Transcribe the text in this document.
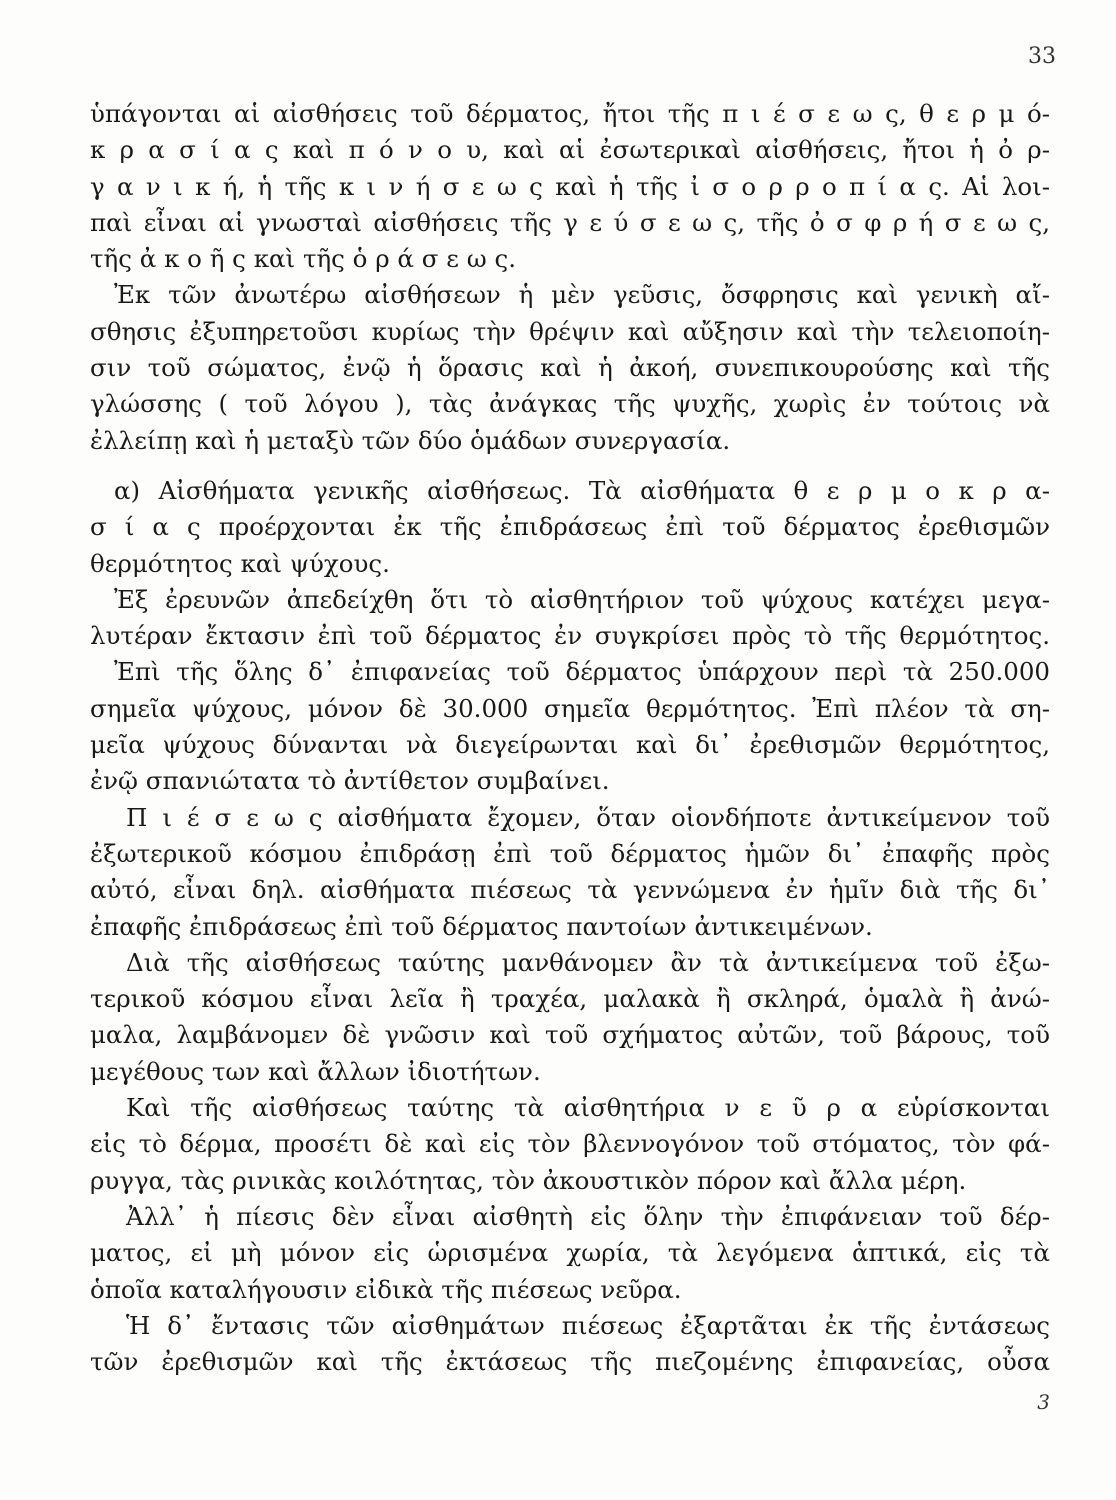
33
ὑπάγονται αἱ αἰσθήσεις τοῦ δέρματος, ἤτοι τῆς π ι έ σ ε ω ς, θ ε ρ μ ό-
κ ρ α σ ί α ς καὶ π ό ν ο υ, καὶ αἱ ἐσωτερικαὶ αἰσθήσεις, ἤτοι ἡ ὀ ρ-
γ α ν ι κ ή, ἡ τῆς κ ι ν ή σ ε ω ς καὶ ἡ τῆς ἰ σ ο ρ ρ ο π ί α ς. Αἱ λοι-
παὶ εἶναι αἱ γνωσταὶ αἰσθήσεις τῆς γ ε ύ σ ε ω ς, τῆς ὀ σ φ ρ ή σ ε ω ς,
τῆς ἀ κ ο ῆ ς καὶ τῆς ὁ ρ ά σ ε ω ς.
Ἐκ τῶν ἀνωτέρω αἰσθήσεων ἡ μὲν γεῦσις, ὄσφρησις καὶ γενικὴ αἴ-
σθησις ἐξυπηρετοῦσι κυρίως τὴν θρέψιν καὶ αὔξησιν καὶ τὴν τελειοποίη-
σιν τοῦ σώματος, ἐνῷ ἡ ὅρασις καὶ ἡ ἀκοή, συνεπικουρούσης καὶ τῆς
γλώσσης ( τοῦ λόγου ), τὰς ἀνάγκας τῆς ψυχῆς, χωρὶς ἐν τούτοις νὰ
ἐλλείπῃ καὶ ἡ μεταξὺ τῶν δύο ὁμάδων συνεργασία.
α) Αἰσθήματα γενικῆς αἰσθήσεως. Τὰ αἰσθήματα θ ε ρ μ ο κ ρ α-
σ ί α ς προέρχονται ἐκ τῆς ἐπιδράσεως ἐπὶ τοῦ δέρματος ἐρεθισμῶν
θερμότητος καὶ ψύχους.
Ἐξ ἐρευνῶν ἀπεδείχθη ὅτι τὸ αἰσθητήριον τοῦ ψύχους κατέχει μεγα-
λυτέραν ἔκτασιν ἐπὶ τοῦ δέρματος ἐν συγκρίσει πρὸς τὸ τῆς θερμότητος.
Ἐπὶ τῆς ὅλης δ᾽ ἐπιφανείας τοῦ δέρματος ὑπάρχουν περὶ τὰ 250.000
σημεῖα ψύχους, μόνον δὲ 30.000 σημεῖα θερμότητος. Ἐπὶ πλέον τὰ ση-
μεῖα ψύχους δύνανται νὰ διεγείρωνται καὶ δι᾽ ἐρεθισμῶν θερμότητος,
ἐνῷ σπανιώτατα τὸ ἀντίθετον συμβαίνει.
Π ι έ σ ε ω ς αἰσθήματα ἔχομεν, ὅταν οἱονδήποτε ἀντικείμενον τοῦ
ἐξωτερικοῦ κόσμου ἐπιδράσῃ ἐπὶ τοῦ δέρματος ἡμῶν δι᾽ ἐπαφῆς πρὸς
αὐτό, εἶναι δηλ. αἰσθήματα πιέσεως τὰ γεννώμενα ἐν ἡμῖν διὰ τῆς δι᾽
ἐπαφῆς ἐπιδράσεως ἐπὶ τοῦ δέρματος παντοίων ἀντικειμένων.
Διὰ τῆς αἰσθήσεως ταύτης μανθάνομεν ἂν τὰ ἀντικείμενα τοῦ ἐξω-
τερικοῦ κόσμου εἶναι λεῖα ἢ τραχέα, μαλακὰ ἢ σκληρά, ὁμαλὰ ἢ ἀνώ-
μαλα, λαμβάνομεν δὲ γνῶσιν καὶ τοῦ σχήματος αὐτῶν, τοῦ βάρους, τοῦ
μεγέθους των καὶ ἄλλων ἰδιοτήτων.
Καὶ τῆς αἰσθήσεως ταύτης τὰ αἰσθητήρια ν ε ῦ ρ α εὑρίσκονται
εἰς τὸ δέρμα, προσέτι δὲ καὶ εἰς τὸν βλεννογόνον τοῦ στόματος, τὸν φά-
ρυγγα, τὰς ρινικὰς κοιλότητας, τὸν ἀκουστικὸν πόρον καὶ ἄλλα μέρη.
Ἀλλ᾽ ἡ πίεσις δὲν εἶναι αἰσθητὴ εἰς ὅλην τὴν ἐπιφάνειαν τοῦ δέρ-
ματος, εἰ μὴ μόνον εἰς ὡρισμένα χωρία, τὰ λεγόμενα ἁπτικά, εἰς τὰ
ὁποῖα καταλήγουσιν εἰδικὰ τῆς πιέσεως νεῦρα.
Ἡ δ᾽ ἔντασις τῶν αἰσθημάτων πιέσεως ἐξαρτᾶται ἐκ τῆς ἐντάσεως
τῶν ἐρεθισμῶν καὶ τῆς ἐκτάσεως τῆς πιεζομένης ἐπιφανείας, οὖσα
3
